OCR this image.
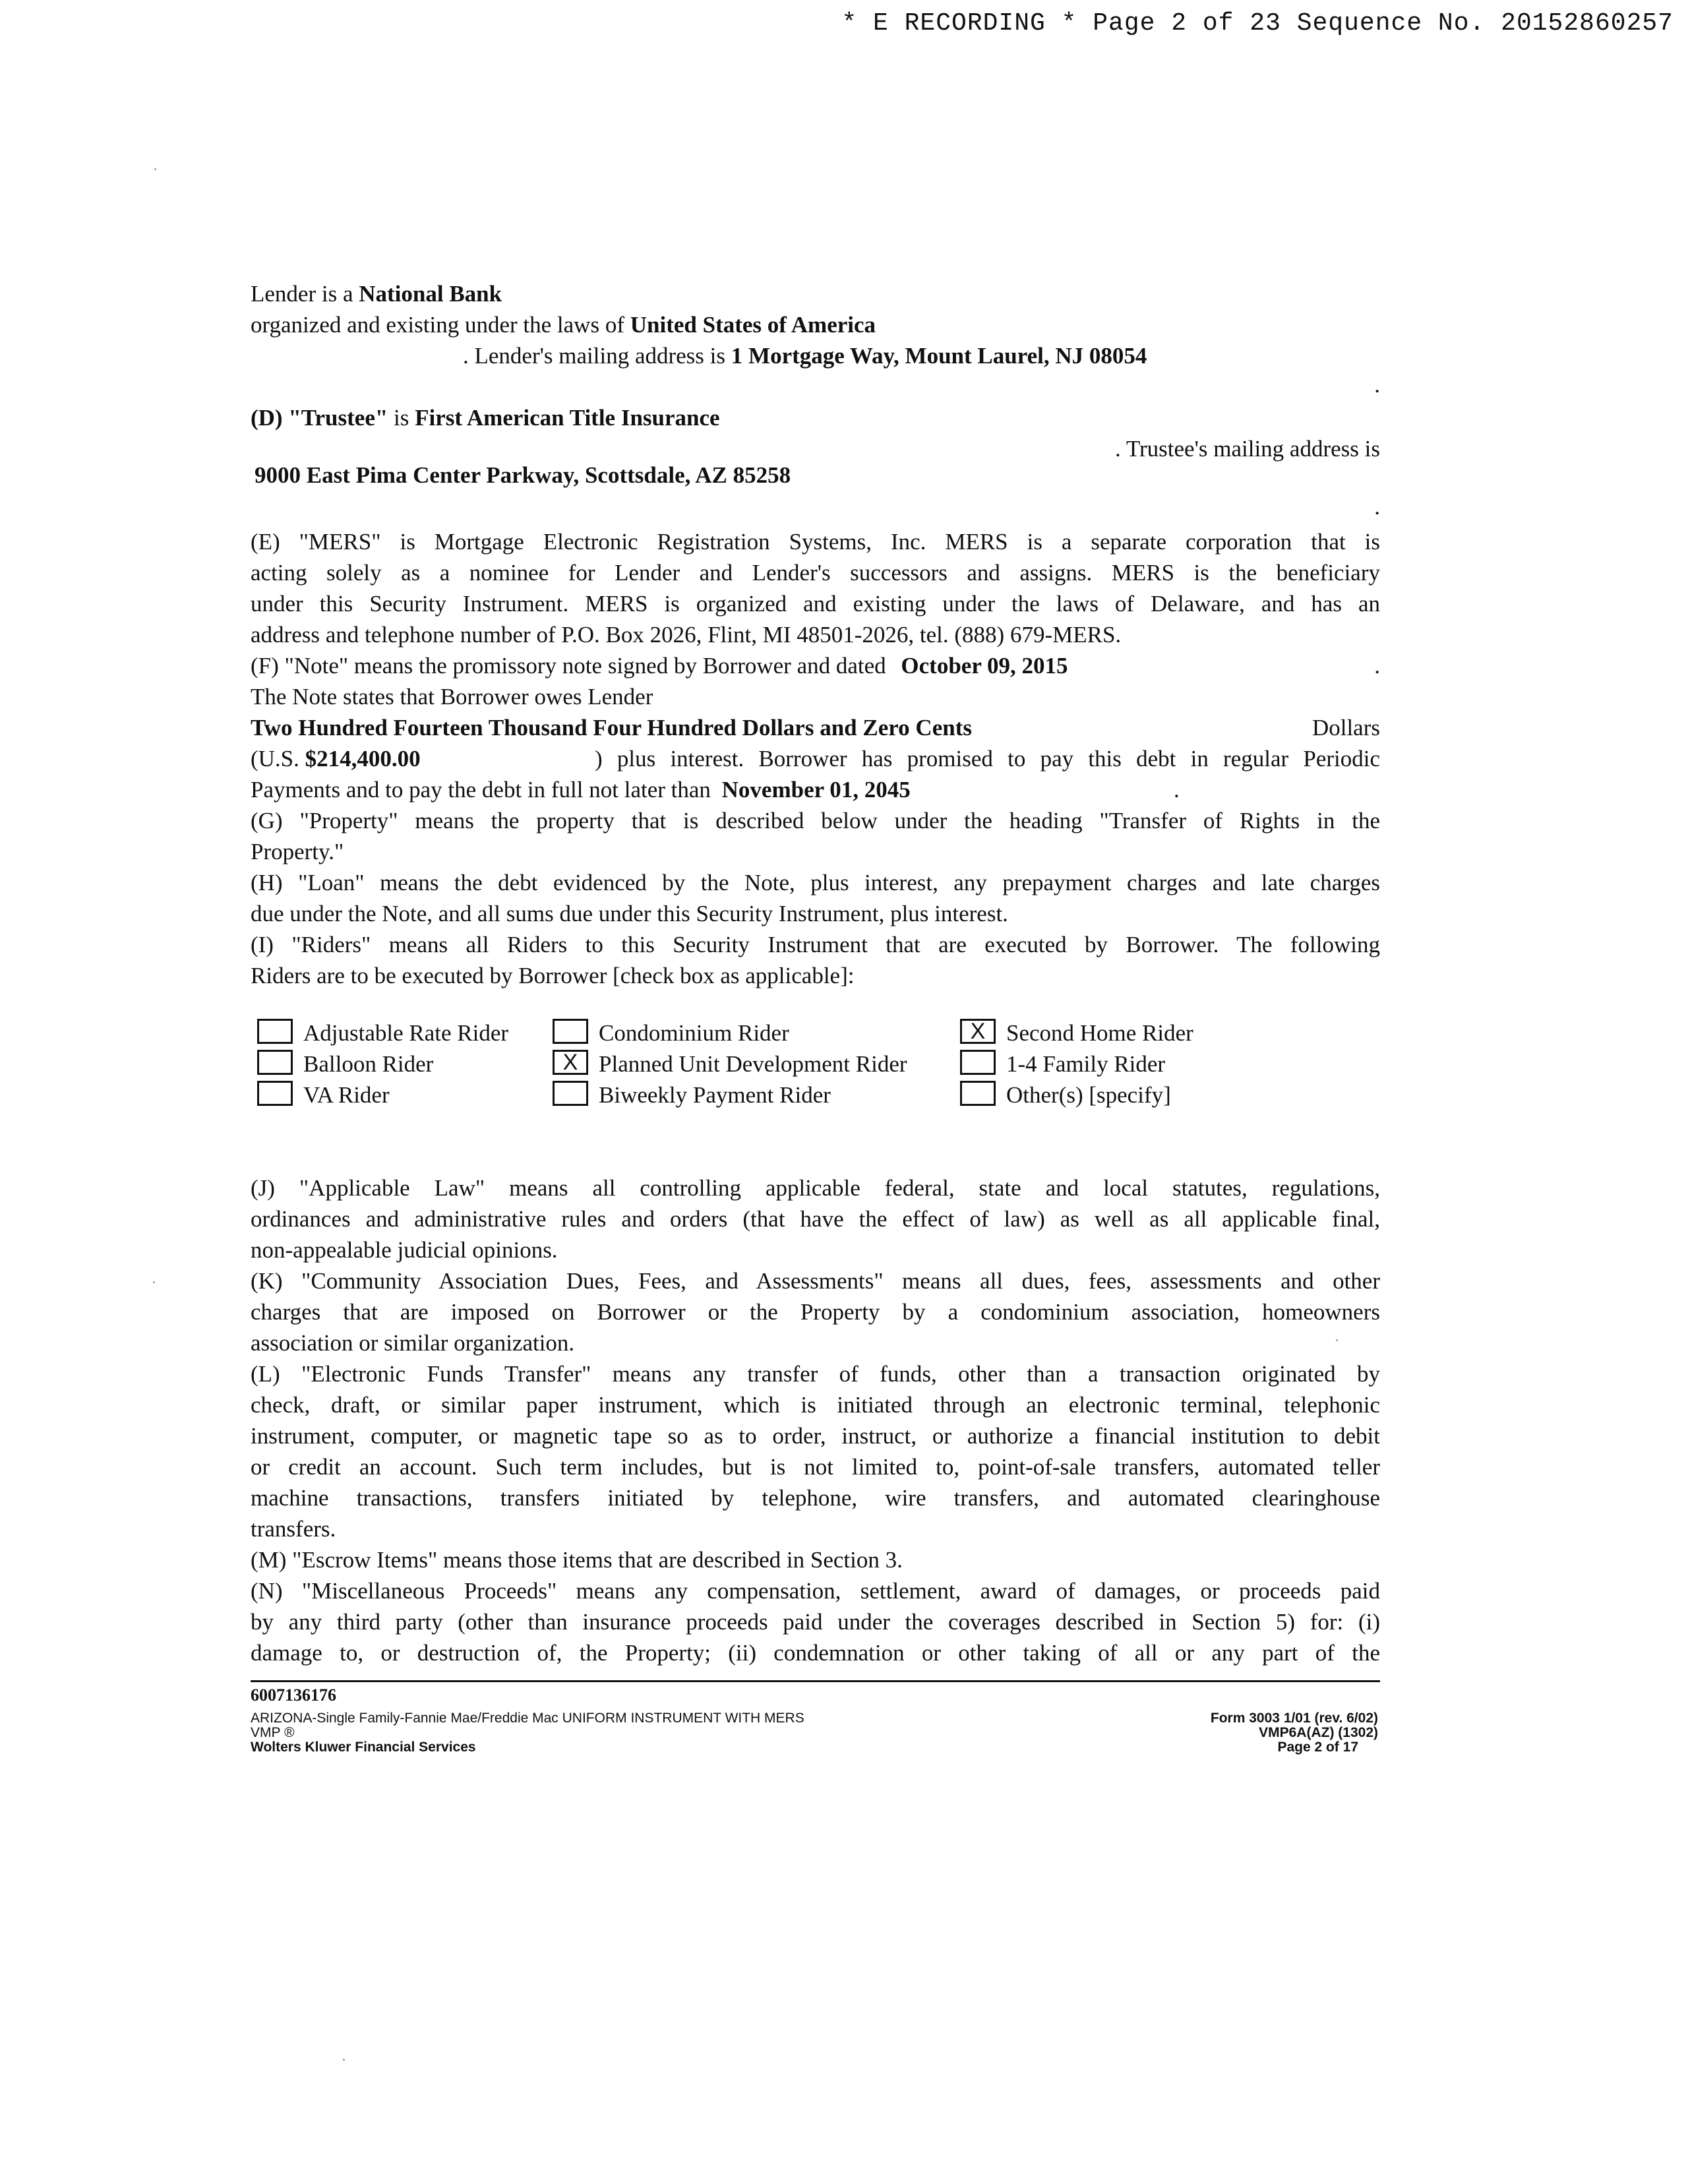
* E RECORDING * Page 2 of 23 Sequence No. 20152860257
Lender is a National Bank
organized and existing under the laws of United States of America
. Lender's mailing address is 1 Mortgage Way, Mount Laurel, NJ 08054
.
(D) "Trustee" is First American Title Insurance
. Trustee's mailing address is
9000 East Pima Center Parkway, Scottsdale, AZ 85258
.
(E) "MERS" is Mortgage Electronic Registration Systems, Inc. MERS is a separate corporation that is
acting solely as a nominee for Lender and Lender's successors and assigns. MERS is the beneficiary
under this Security Instrument. MERS is organized and existing under the laws of Delaware, and has an
address and telephone number of P.O. Box 2026, Flint, MI 48501-2026, tel. (888) 679-MERS.
(F) "Note" means the promissory note signed by Borrower and dated October 09, 2015	.
The Note states that Borrower owes Lender
Two Hundred Fourteen Thousand Four Hundred Dollars and Zero Cents	Dollars
(U.S. $214,400.00	) plus interest. Borrower has promised to pay this debt in regular Periodic
Payments and to pay the debt in full not later than November 01, 2045	.
(G) "Property" means the property that is described below under the heading "Transfer of Rights in the
Property."
(H) "Loan" means the debt evidenced by the Note, plus interest, any prepayment charges and late charges
due under the Note, and all sums due under this Security Instrument, plus interest.
(I) "Riders" means all Riders to this Security Instrument that are executed by Borrower. The following
Riders are to be executed by Borrower [check box as applicable]:
Adjustable Rate Rider	Condominium Rider	X Second Home Rider
Balloon Rider	X Planned Unit Development Rider	1-4 Family Rider
VA Rider	Biweekly Payment Rider	Other(s) [specify]
(J) "Applicable Law" means all controlling applicable federal, state and local statutes, regulations,
ordinances and administrative rules and orders (that have the effect of law) as well as all applicable final,
non-appealable judicial opinions.
(K) "Community Association Dues, Fees, and Assessments" means all dues, fees, assessments and other
charges that are imposed on Borrower or the Property by a condominium association, homeowners
association or similar organization.
(L) "Electronic Funds Transfer" means any transfer of funds, other than a transaction originated by
check, draft, or similar paper instrument, which is initiated through an electronic terminal, telephonic
instrument, computer, or magnetic tape so as to order, instruct, or authorize a financial institution to debit
or credit an account. Such term includes, but is not limited to, point-of-sale transfers, automated teller
machine transactions, transfers initiated by telephone, wire transfers, and automated clearinghouse
transfers.
(M) "Escrow Items" means those items that are described in Section 3.
(N) "Miscellaneous Proceeds" means any compensation, settlement, award of damages, or proceeds paid
by any third party (other than insurance proceeds paid under the coverages described in Section 5) for: (i)
damage to, or destruction of, the Property; (ii) condemnation or other taking of all or any part of the
6007136176
ARIZONA-Single Family-Fannie Mae/Freddie Mac UNIFORM INSTRUMENT WITH MERS
VMP ®
Wolters Kluwer Financial Services
Form 3003 1/01 (rev. 6/02)
VMP6A(AZ) (1302)
Page 2 of 17
